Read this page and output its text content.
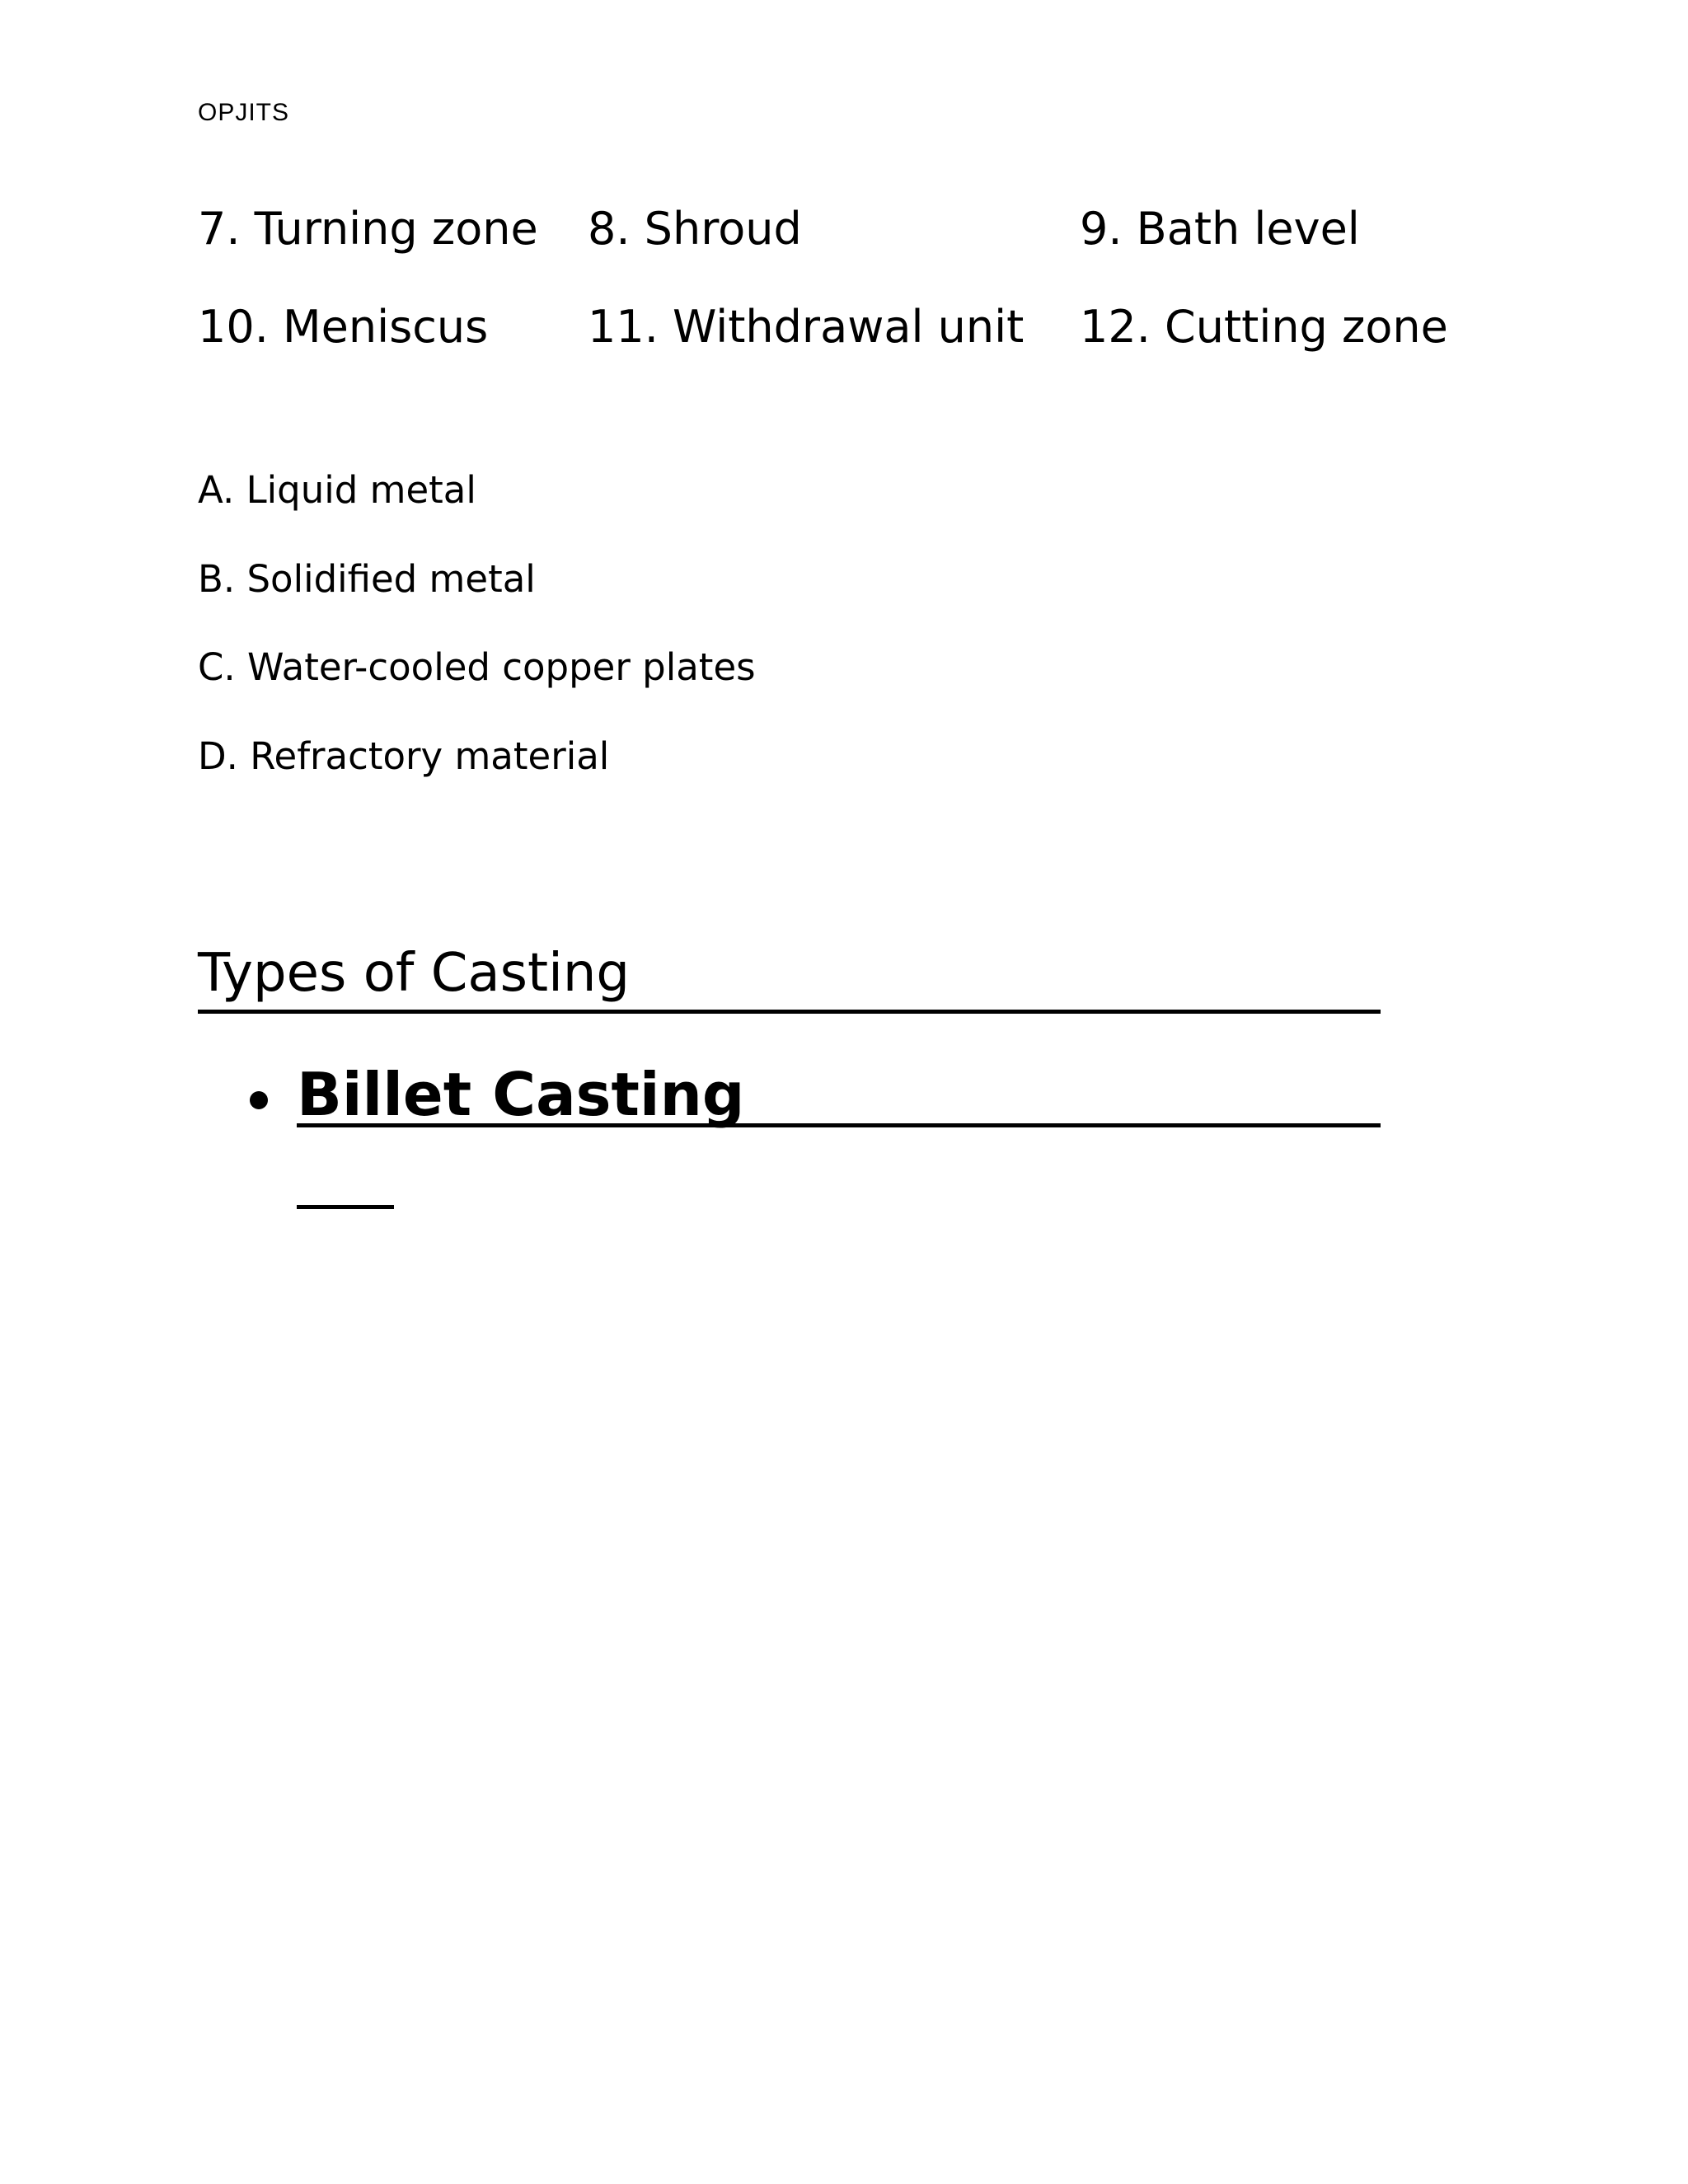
OPJITS
7. Turning zone 8. Shroud	9. Bath level
10. Meniscus 11. Withdrawal unit 12. Cutting zone
A. Liquid metal
B. Solidified metal
C. Water-cooled copper plates
D. Refractory material
Types of Casting
Billet Casting
